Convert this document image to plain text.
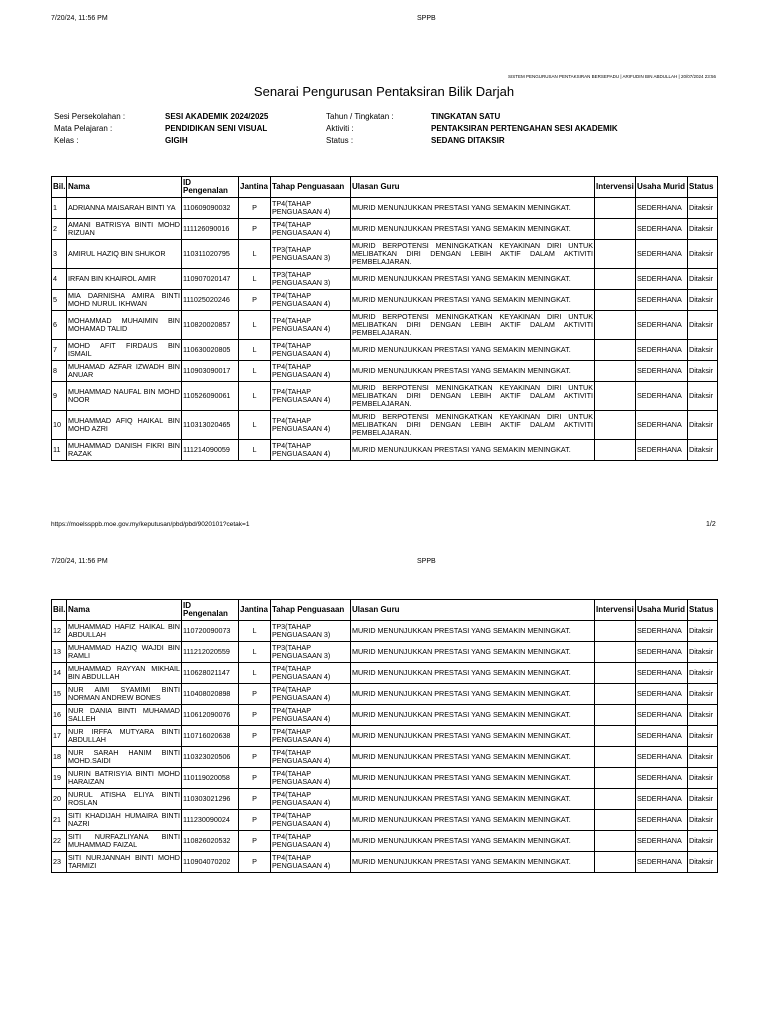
7/20/24, 11:56 PM	SPPB
SISTEM PENGURUSAN PENTAKSIRAN BERSEPADU | ARIFUDIN BIN ABDULLAH | 20/07/2024 23:56
Senarai Pengurusan Pentaksiran Bilik Darjah
Sesi Persekolahan :	SESI AKADEMIK 2024/2025
Mata Pelajaran :	PENDIDIKAN SENI VISUAL
Kelas :	GIGIH
Tahun / Tingkatan :	TINGKATAN SATU
Aktiviti :	PENTAKSIRAN PERTENGAHAN SESI AKADEMIK
Status :	SEDANG DITAKSIR
Bil.	Nama	ID Pengenalan	Jantina	Tahap Penguasaan	Ulasan Guru	Intervensi	Usaha Murid	Status
1	ADRIANNA MAISARAH BINTI YA	110609090032	P	TP4(TAHAP PENGUASAAN 4)	MURID MENUNJUKKAN PRESTASI YANG SEMAKIN MENINGKAT.		SEDERHANA	Ditaksir
2	AMANI BATRISYA BINTI MOHD RIZUAN	111126090016	P	TP4(TAHAP PENGUASAAN 4)	MURID MENUNJUKKAN PRESTASI YANG SEMAKIN MENINGKAT.		SEDERHANA	Ditaksir
3	AMIRUL HAZIQ BIN SHUKOR	110311020795	L	TP3(TAHAP PENGUASAAN 3)	MURID BERPOTENSI MENINGKATKAN KEYAKINAN DIRI UNTUK MELIBATKAN DIRI DENGAN LEBIH AKTIF DALAM AKTIVITI PEMBELAJARAN.		SEDERHANA	Ditaksir
4	IRFAN BIN KHAIROL AMIR	110907020147	L	TP3(TAHAP PENGUASAAN 3)	MURID MENUNJUKKAN PRESTASI YANG SEMAKIN MENINGKAT.		SEDERHANA	Ditaksir
5	MIA DARNISHA AMIRA BINTI MOHD NURUL IKHWAN	111025020246	P	TP4(TAHAP PENGUASAAN 4)	MURID MENUNJUKKAN PRESTASI YANG SEMAKIN MENINGKAT.		SEDERHANA	Ditaksir
6	MOHAMMAD MUHAIMIN BIN MOHAMAD TALID	110820020857	L	TP4(TAHAP PENGUASAAN 4)	MURID BERPOTENSI MENINGKATKAN KEYAKINAN DIRI UNTUK MELIBATKAN DIRI DENGAN LEBIH AKTIF DALAM AKTIVITI PEMBELAJARAN.		SEDERHANA	Ditaksir
7	MOHD AFIT FIRDAUS BIN ISMAIL	110630020805	L	TP4(TAHAP PENGUASAAN 4)	MURID MENUNJUKKAN PRESTASI YANG SEMAKIN MENINGKAT.		SEDERHANA	Ditaksir
8	MUHAMAD AZFAR IZWADH BIN ANUAR	110903090017	L	TP4(TAHAP PENGUASAAN 4)	MURID MENUNJUKKAN PRESTASI YANG SEMAKIN MENINGKAT.		SEDERHANA	Ditaksir
9	MUHAMMAD NAUFAL BIN MOHD NOOR	110526090061	L	TP4(TAHAP PENGUASAAN 4)	MURID BERPOTENSI MENINGKATKAN KEYAKINAN DIRI UNTUK MELIBATKAN DIRI DENGAN LEBIH AKTIF DALAM AKTIVITI PEMBELAJARAN.		SEDERHANA	Ditaksir
10	MUHAMMAD AFIQ HAIKAL BIN MOHD AZRI	110313020465	L	TP4(TAHAP PENGUASAAN 4)	MURID BERPOTENSI MENINGKATKAN KEYAKINAN DIRI UNTUK MELIBATKAN DIRI DENGAN LEBIH AKTIF DALAM AKTIVITI PEMBELAJARAN.		SEDERHANA	Ditaksir
11	MUHAMMAD DANISH FIKRI BIN RAZAK	111214090059	L	TP4(TAHAP PENGUASAAN 4)	MURID MENUNJUKKAN PRESTASI YANG SEMAKIN MENINGKAT.		SEDERHANA	Ditaksir
https://moelssppb.moe.gov.my/keputusan/pbd/pbd/9020101?cetak=1	1/2
7/20/24, 11:56 PM	SPPB
Bil.	Nama	ID Pengenalan	Jantina	Tahap Penguasaan	Ulasan Guru	Intervensi	Usaha Murid	Status
12	MUHAMMAD HAFIZ HAIKAL BIN ABDULLAH	110720090073	L	TP3(TAHAP PENGUASAAN 3)	MURID MENUNJUKKAN PRESTASI YANG SEMAKIN MENINGKAT.		SEDERHANA	Ditaksir
13	MUHAMMAD HAZIQ WAJDI BIN RAMLI	111212020559	L	TP3(TAHAP PENGUASAAN 3)	MURID MENUNJUKKAN PRESTASI YANG SEMAKIN MENINGKAT.		SEDERHANA	Ditaksir
14	MUHAMMAD RAYYAN MIKHAIL BIN ABDULLAH	110628021147	L	TP4(TAHAP PENGUASAAN 4)	MURID MENUNJUKKAN PRESTASI YANG SEMAKIN MENINGKAT.		SEDERHANA	Ditaksir
15	NUR AIMI SYAMIMI BINTI NORMAN ANDREW BONES	110408020898	P	TP4(TAHAP PENGUASAAN 4)	MURID MENUNJUKKAN PRESTASI YANG SEMAKIN MENINGKAT.		SEDERHANA	Ditaksir
16	NUR DANIA BINTI MUHAMAD SALLEH	110612090076	P	TP4(TAHAP PENGUASAAN 4)	MURID MENUNJUKKAN PRESTASI YANG SEMAKIN MENINGKAT.		SEDERHANA	Ditaksir
17	NUR IRFFA MUTYARA BINTI ABDULLAH	110716020638	P	TP4(TAHAP PENGUASAAN 4)	MURID MENUNJUKKAN PRESTASI YANG SEMAKIN MENINGKAT.		SEDERHANA	Ditaksir
18	NUR SARAH HANIM BINTI MOHD.SAIDI	110323020506	P	TP4(TAHAP PENGUASAAN 4)	MURID MENUNJUKKAN PRESTASI YANG SEMAKIN MENINGKAT.		SEDERHANA	Ditaksir
19	NURIN BATRISYIA BINTI MOHD HARAIZAN	110119020058	P	TP4(TAHAP PENGUASAAN 4)	MURID MENUNJUKKAN PRESTASI YANG SEMAKIN MENINGKAT.		SEDERHANA	Ditaksir
20	NURUL ATISHA ELIYA BINTI ROSLAN	110303021296	P	TP4(TAHAP PENGUASAAN 4)	MURID MENUNJUKKAN PRESTASI YANG SEMAKIN MENINGKAT.		SEDERHANA	Ditaksir
21	SITI KHADIJAH HUMAIRA BINTI NAZRI	111230090024	P	TP4(TAHAP PENGUASAAN 4)	MURID MENUNJUKKAN PRESTASI YANG SEMAKIN MENINGKAT.		SEDERHANA	Ditaksir
22	SITI NURFAZLIYANA BINTI MUHAMMAD FAIZAL	110826020532	P	TP4(TAHAP PENGUASAAN 4)	MURID MENUNJUKKAN PRESTASI YANG SEMAKIN MENINGKAT.		SEDERHANA	Ditaksir
23	SITI NURJANNAH BINTI MOHD TARMIZI	110904070202	P	TP4(TAHAP PENGUASAAN 4)	MURID MENUNJUKKAN PRESTASI YANG SEMAKIN MENINGKAT.		SEDERHANA	Ditaksir
